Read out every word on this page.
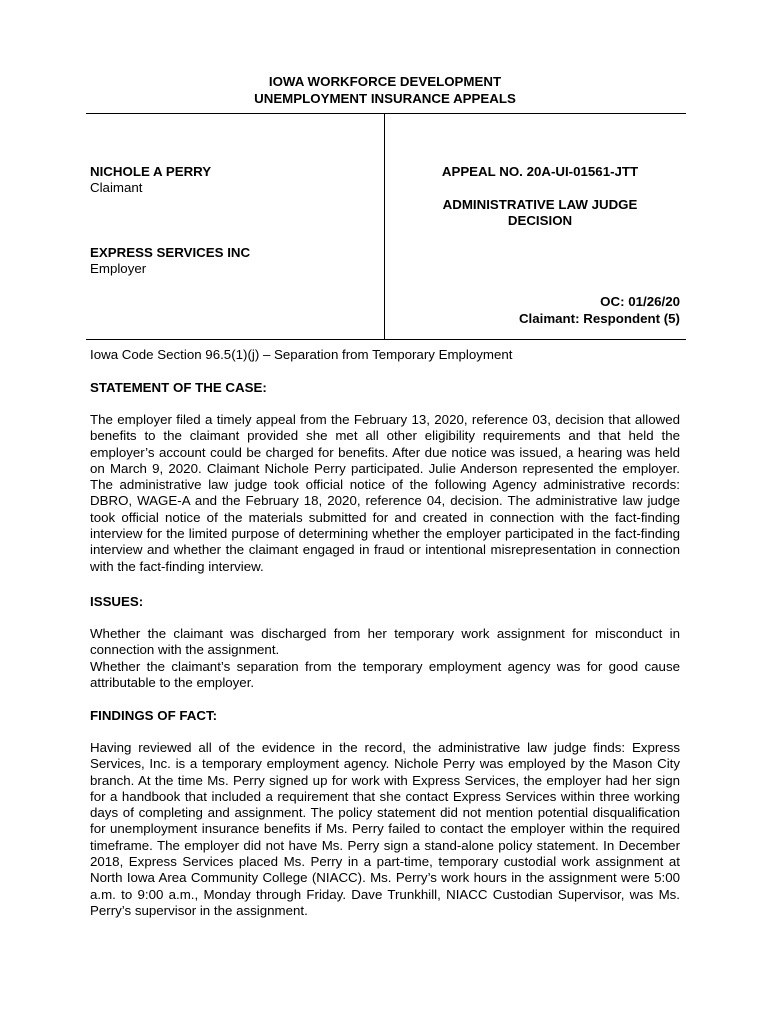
IOWA WORKFORCE DEVELOPMENT
UNEMPLOYMENT INSURANCE APPEALS
NICHOLE A PERRY
Claimant
EXPRESS SERVICES INC
Employer
APPEAL NO. 20A-UI-01561-JTT
ADMINISTRATIVE LAW JUDGE
DECISION
OC: 01/26/20
Claimant: Respondent (5)
Iowa Code Section 96.5(1)(j) – Separation from Temporary Employment
STATEMENT OF THE CASE:
The employer filed a timely appeal from the February 13, 2020, reference 03, decision that allowed benefits to the claimant provided she met all other eligibility requirements and that held the employer’s account could be charged for benefits. After due notice was issued, a hearing was held on March 9, 2020. Claimant Nichole Perry participated. Julie Anderson represented the employer. The administrative law judge took official notice of the following Agency administrative records: DBRO, WAGE-A and the February 18, 2020, reference 04, decision. The administrative law judge took official notice of the materials submitted for and created in connection with the fact-finding interview for the limited purpose of determining whether the employer participated in the fact-finding interview and whether the claimant engaged in fraud or intentional misrepresentation in connection with the fact-finding interview.
ISSUES:

Whether the claimant was discharged from her temporary work assignment for misconduct in connection with the assignment.

Whether the claimant’s separation from the temporary employment agency was for good cause attributable to the employer.

FINDINGS OF FACT:
Having reviewed all of the evidence in the record, the administrative law judge finds: Express Services, Inc. is a temporary employment agency. Nichole Perry was employed by the Mason City branch. At the time Ms. Perry signed up for work with Express Services, the employer had her sign for a handbook that included a requirement that she contact Express Services within three working days of completing and assignment. The policy statement did not mention potential disqualification for unemployment insurance benefits if Ms. Perry failed to contact the employer within the required timeframe. The employer did not have Ms. Perry sign a stand-alone policy statement. In December 2018, Express Services placed Ms. Perry in a part-time, temporary custodial work assignment at North Iowa Area Community College (NIACC). Ms. Perry’s work hours in the assignment were 5:00 a.m. to 9:00 a.m., Monday through Friday. Dave Trunkhill, NIACC Custodian Supervisor, was Ms. Perry’s supervisor in the assignment.
